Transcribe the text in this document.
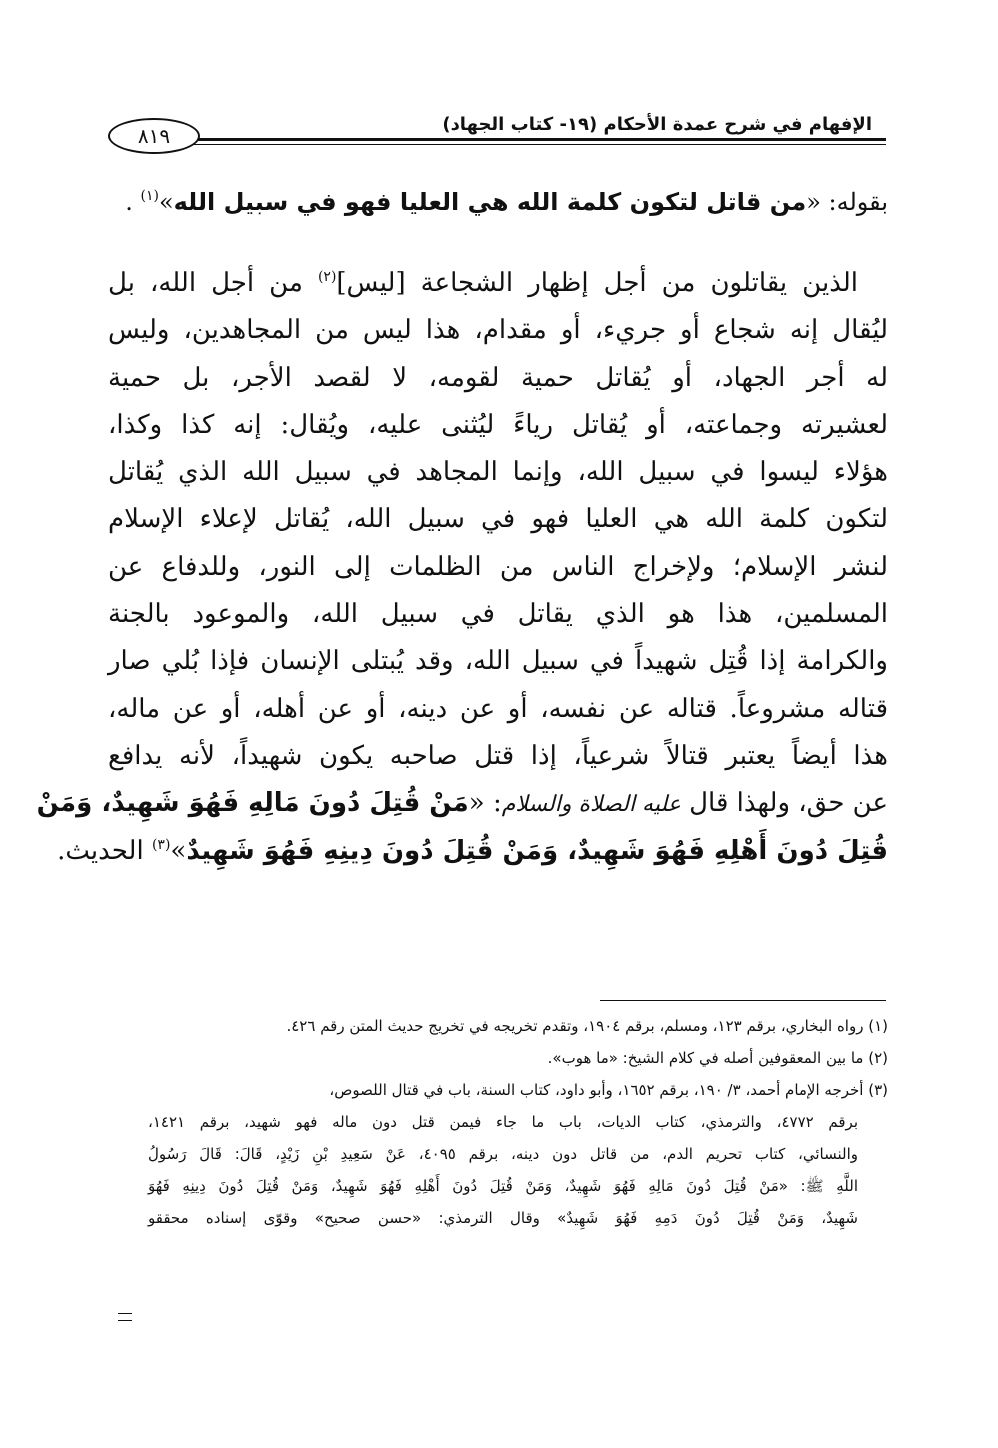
الإفهام في شرح عمدة الأحكام (١٩- كتاب الجهاد)
٨١٩
بقوله: «من قاتل لتكون كلمة الله هي العليا فهو في سبيل الله»$^{(١)}$ .
الذين يقاتلون من أجل إظهار الشجاعة [ليس]$^{(٢)}$ من أجل الله، بل
ليُقال إنه شجاع أو جريء، أو مقدام، هذا ليس من المجاهدين، وليس
له أجر الجهاد، أو يُقاتل حمية لقومه، لا لقصد الأجر، بل حمية
لعشيرته وجماعته، أو يُقاتل رياءً ليُثنى عليه، ويُقال: إنه كذا وكذا،
هؤلاء ليسوا في سبيل الله، وإنما المجاهد في سبيل الله الذي يُقاتل
لتكون كلمة الله هي العليا فهو في سبيل الله، يُقاتل لإعلاء الإسلام
لنشر الإسلام؛ ولإخراج الناس من الظلمات إلى النور، وللدفاع عن
المسلمين، هذا هو الذي يقاتل في سبيل الله، والموعود بالجنة
والكرامة إذا قُتِل شهيداً في سبيل الله، وقد يُبتلى الإنسان فإذا بُلي صار
قتاله مشروعاً. قتاله عن نفسه، أو عن دينه، أو عن أهله، أو عن ماله،
هذا أيضاً يعتبر قتالاً شرعياً، إذا قتل صاحبه يكون شهيداً، لأنه يدافع
عن حق، ولهذا قال عليه الصلاة والسلام: «مَنْ قُتِلَ دُونَ مَالِهِ فَهُوَ شَهِيدٌ، وَمَنْ
قُتِلَ دُونَ أَهْلِهِ فَهُوَ شَهِيدٌ، وَمَنْ قُتِلَ دُونَ دِينِهِ فَهُوَ شَهِيدٌ»$^{(٣)}$ الحديث.
(١) رواه البخاري، برقم ١٢٣، ومسلم، برقم ١٩٠٤، وتقدم تخريجه في تخريج حديث المتن رقم ٤٢٦.
(٢) ما بين المعقوفين أصله في كلام الشيخ: «ما هوب».
(٣) أخرجه الإمام أحمد، ٣/ ١٩٠، برقم ١٦٥٢، وأبو داود، كتاب السنة، باب في قتال اللصوص،
برقم ٤٧٧٢، والترمذي، كتاب الديات، باب ما جاء فيمن قتل دون ماله فهو شهيد، برقم ١٤٢١،
والنسائي، كتاب تحريم الدم، من قاتل دون دينه، برقم ٤٠٩٥، عَنْ سَعِيدِ بْنِ زَيْدٍ، قَالَ: قَالَ رَسُولُ
اللَّهِ ﷺ: «مَنْ قُتِلَ دُونَ مَالِهِ فَهُوَ شَهِيدٌ، وَمَنْ قُتِلَ دُونَ أَهْلِهِ فَهُوَ شَهِيدٌ، وَمَنْ قُتِلَ دُونَ دِينِهِ فَهُوَ
شَهِيدٌ، وَمَنْ قُتِلَ دُونَ دَمِهِ فَهُوَ شَهِيدٌ» وقال الترمذي: «حسن صحيح» وقوّى إسناده محققو
